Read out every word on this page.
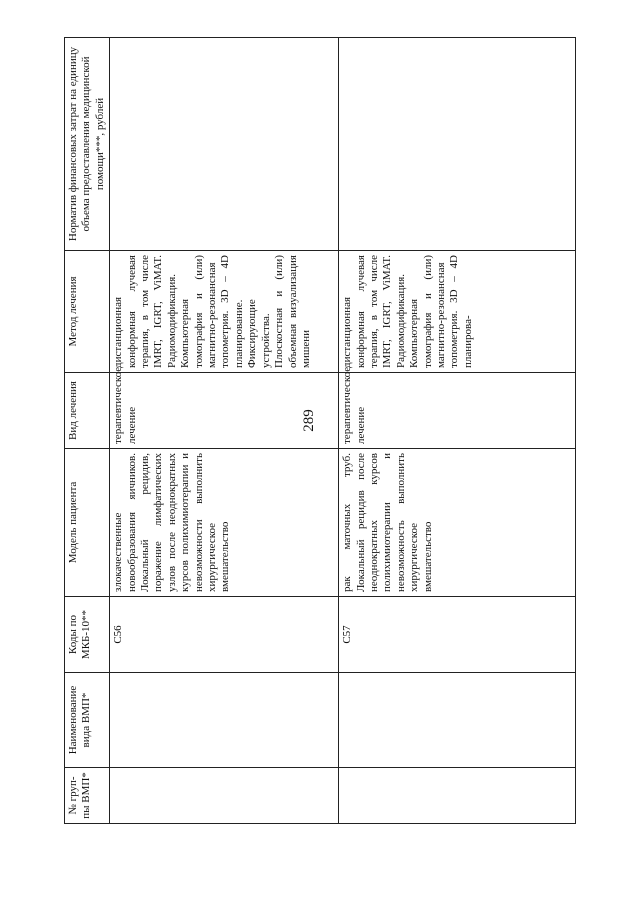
289
№ груп-пы ВМП*	Наименование вида ВМП*	Коды по МКБ-10**	Модель пациента	Вид лечения	Метод лечения	Норматив финансовых затрат на единицу объема предоставления медицинской помощи***, рублей
		C56	злокачественные новообразования яичников. Локальный рецидив, поражение лимфатических узлов после неоднократных курсов полихимиотерапии и невозможности выполнить хирургическое вмешательство	терапевтическое лечение	дистанционная конформная лучевая терапия, в том числе IMRT, IGRT, ViMAT. Радиомодификация. Компьютерная томография и (или) магнитно-резонансная топометрия. 3D – 4D планирование. Фиксирующие устройства. Плоскостная и (или) объемная визуализация мишени	
		C57	рак маточных труб. Локальный рецидив после неоднократных курсов полихимиотерапии и невозможность выполнить хирургическое вмешательство	терапевтическое лечение	дистанционная конформная лучевая терапия, в том числе IMRT, IGRT, ViMAT. Радиомодификация. Компьютерная томография и (или) магнитно-резонансная топометрия. 3D – 4D планирова-	
